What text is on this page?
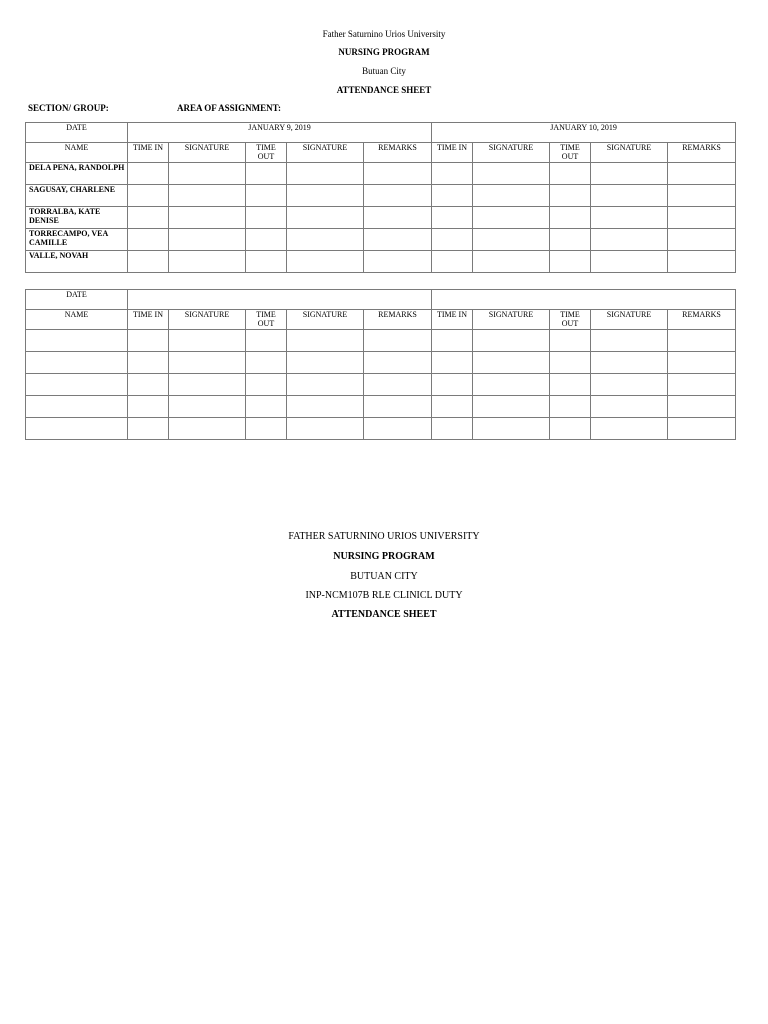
Father Saturnino Urios University
NURSING PROGRAM
Butuan City
ATTENDANCE SHEET
SECTION/ GROUP:	AREA OF ASSIGNMENT:
DATE	JANUARY 9, 2019					JANUARY 10, 2019				
NAME	TIME IN	SIGNATURE	TIME OUT	SIGNATURE	REMARKS	TIME IN	SIGNATURE	TIME OUT	SIGNATURE	REMARKS
DELA PENA, RANDOLPH										
SAGUSAY, CHARLENE										
TORRALBA, KATE DENISE										
TORRECAMPO, VEA CAMILLE										
VALLE, NOVAH										
DATE										
NAME	TIME IN	SIGNATURE	TIME OUT	SIGNATURE	REMARKS	TIME IN	SIGNATURE	TIME OUT	SIGNATURE	REMARKS

FATHER SATURNINO URIOS UNIVERSITY
NURSING PROGRAM
BUTUAN CITY
INP-NCM107B RLE CLINICL DUTY
ATTENDANCE SHEET
